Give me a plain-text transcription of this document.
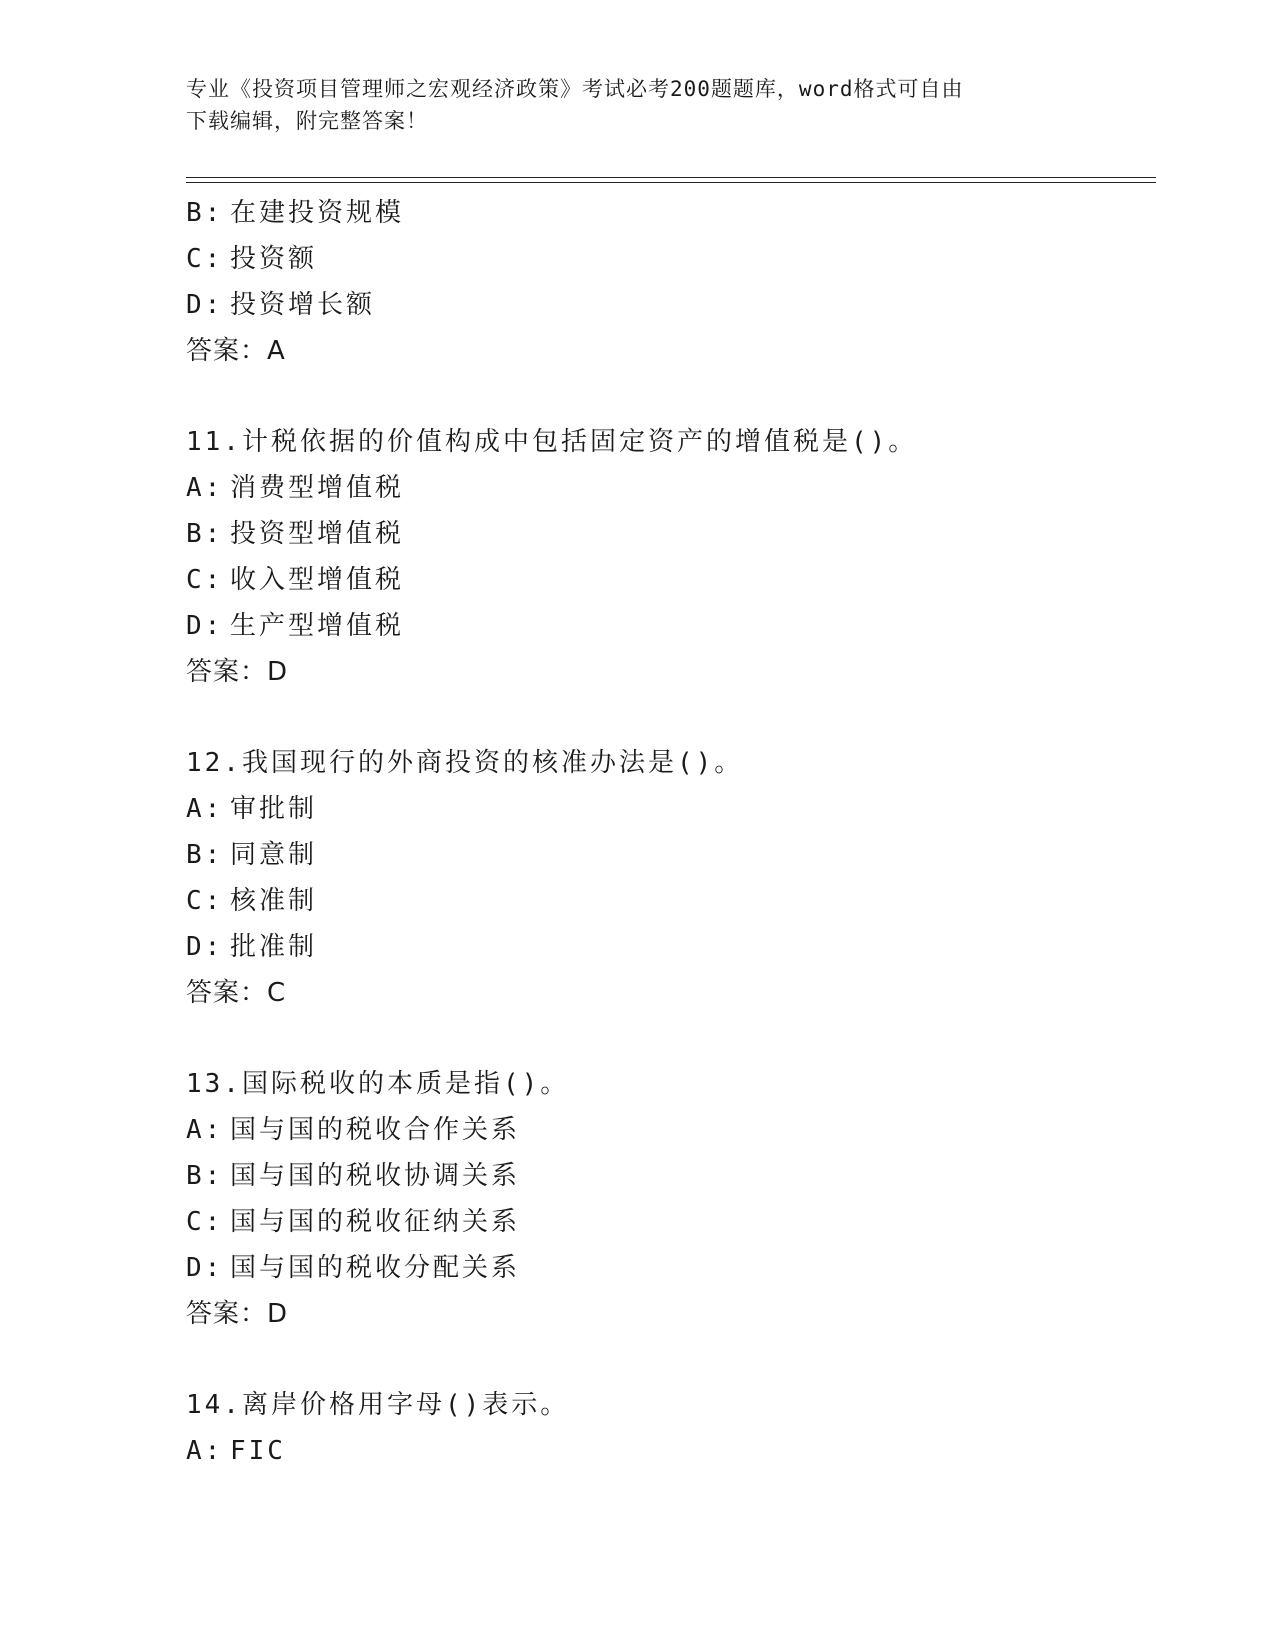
专业《投资项目管理师之宏观经济政策》考试必考200题题库，word格式可自由
下载编辑，附完整答案！
B: 在建投资规模
C: 投资额
D: 投资增长额
答案：A
11.计税依据的价值构成中包括固定资产的增值税是()。
A: 消费型增值税
B: 投资型增值税
C: 收入型增值税
D: 生产型增值税
答案：D
12.我国现行的外商投资的核准办法是()。
A: 审批制
B: 同意制
C: 核准制
D: 批准制
答案：C
13.国际税收的本质是指()。
A: 国与国的税收合作关系
B: 国与国的税收协调关系
C: 国与国的税收征纳关系
D: 国与国的税收分配关系
答案：D
14.离岸价格用字母()表示。
A: FIC
